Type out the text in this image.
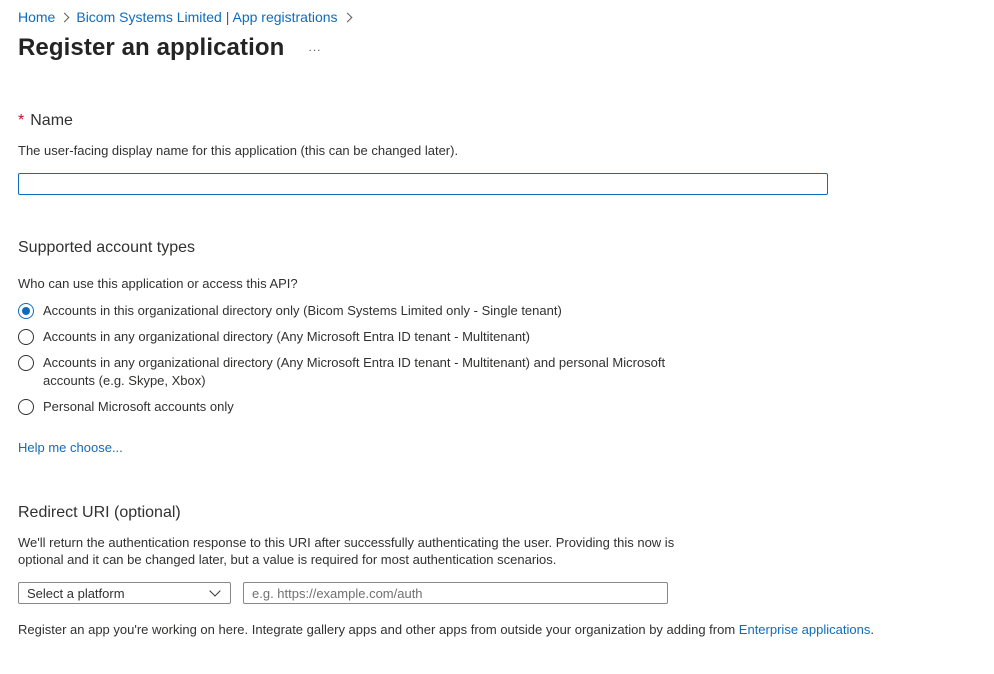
Home Bicom Systems Limited | App registrations
Register an application ...
* Name
The user-facing display name for this application (this can be changed later).
Supported account types
Who can use this application or access this API?
Accounts in this organizational directory only (Bicom Systems Limited only - Single tenant)
Accounts in any organizational directory (Any Microsoft Entra ID tenant - Multitenant)
Accounts in any organizational directory (Any Microsoft Entra ID tenant - Multitenant) and personal Microsoft accounts (e.g. Skype, Xbox)
Personal Microsoft accounts only
Help me choose...
Redirect URI (optional)
We'll return the authentication response to this URI after successfully authenticating the user. Providing this now is
optional and it can be changed later, but a value is required for most authentication scenarios.
Select a platform
e.g. https://example.com/auth
Register an app you're working on here. Integrate gallery apps and other apps from outside your organization by adding from Enterprise applications.
